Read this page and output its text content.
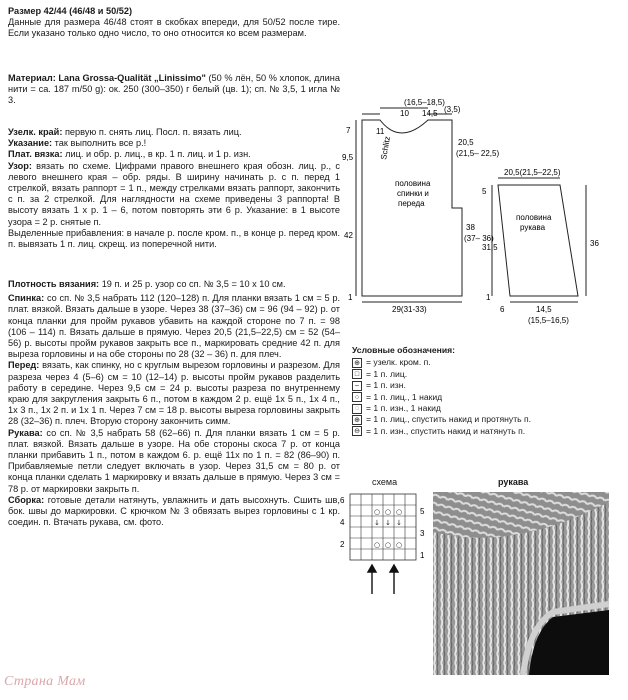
Размер 42/44 (46/48 и 50/52)

Данные для размера 46/48 стоят в скобках впереди, для 50/52 после тире. Если указано только одно число, то оно относится ко всем размерам.

Материал: Lana Grossa-Qualität „Linissimo" (50 % лён, 50 % хлопок, длина нити = ca. 187 m/50 g): ок. 250 (300–350) г белый (цв. 1); сп. № 3,5, 1 игла № 3.

Узелк. край: первую п. снять лиц. Посл. п. вязать лиц.

Указание: так выполнить все р.!

Плат. вязка: лиц. и обр. р. лиц., в кр. 1 п. лиц. и 1 р. изн.

Узор: вязать по схеме. Цифрами правого внешнего края обозн. лиц. р., с левого внешнего края – обр. ряды. В ширину начинать р. с п. перед 1 стрелкой, вязать раппорт = 1 п., между стрелками вязать раппорт, закончить с п. за 2 стрелкой. Для наглядности на схеме приведены 3 раппорта! В высоту вязать 1 х р. 1 – 6, потом повторять эти 6 р. Указание: в 1 высоте узора = 2 р. снятые п.

Выделенные прибавления: в начале р. после кром. п., в конце р. перед кром. п. вывязать 1 п. лиц. скрещ. из поперечной нити.

Плотность вязания: 19 п. и 25 р. узор со сп. № 3,5 = 10 х 10 см.

Спинка: со сп. № 3,5 набрать 112 (120–128) п. Для планки вязать 1 см = 5 р. плат. вязкой. Вязать дальше в узоре. Через 38 (37–36) см = 96 (94 – 92) р. от конца планки для пройм рукавов убавить на каждой стороне по 7 п. = 98 (106 – 114) п. Вязать дальше в прямую. Через 20,5 (21,5–22,5) см = 52 (54–56) р. высоты пройм рукавов закрыть все п., маркировать средние 42 п. для выреза горловины и на обе стороны по 28 (32 – 36) п. для плеч.

Перед: вязать, как спинку, но с круглым вырезом горловины и разрезом. Для разреза через 4 (5–6) см = 10 (12–14) р. высоты пройм рукавов разделить работу в середине. Через 9,5 см = 24 р. высоты разреза по внутреннему краю для закругления закрыть 6 п., потом в каждом 2 р. ещё 1х 5 п., 1х 4 п., 1х 3 п., 1х 2 п. и 1х 1 п. Через 7 см = 18 р. высоты выреза горловины закрыть 28 (32–36) п. плеч. Вторую сторону закончить симм.

Рукава: со сп. № 3,5 набрать 58 (62–66) п. Для планки вязать 1 см = 5 р. плат. вязкой. Вязать дальше в узоре. На обе стороны скоса 7 р. от конца планки прибавить 1 п., потом в каждом 6. р. ещё 11х по 1 п. = 82 (86–90) п. Прибавляемые петли следует включать в узор. Через 31,5 см = 80 р. от конца планки сделать 1 маркировку и вязать дальше в прямую. Через 3 см = 78 р. от маркировки закрыть п.

Сборка: готовые детали натянуть, увлажнить и дать высохнуть. Сшить шв, бок. швы до маркировки. С крючком № 3 обвязать вырез горловины с 1 кр. соедин. п. Втачать рукава, см. фото.

11
(16,5–18,5)
10 14,5 (3,5)
7
9,5	Schlitz
42
1
20,5
(21,5– 22,5)
38
(37– 36)
29(31-33)
половина
спинки и
переда
20,5(21,5–22,5)
5
31,5	36
1
6	14,5
(15,5–16,5)
половина
рукава
Условные обозначения:
⊕ = узелк. кром. п.
□ = 1 п. лиц.
– = 1 п. изн.
○ = 1 п. лиц., 1 накид
◌ = 1 п. изн., 1 накид
⊕ = 1 п. лиц., спустить накид и протянуть п.
⊖ = 1 п. изн., спустить накид и натянуть п.
схема	рукава
○ ○ ○
○ ○ ○
↓ ↓ ↓
6
4
2
5
3
1
Страна Мам
